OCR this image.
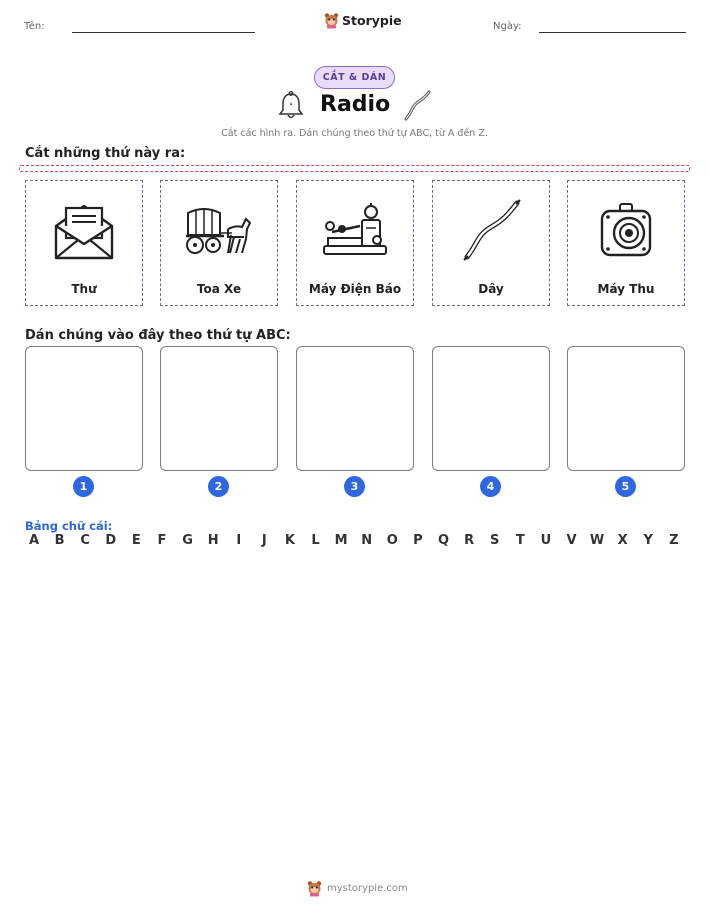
Tên:	Storypie	Ngày:
CẮT & DÁN
Radio
Cắt các hình ra. Dán chúng theo thứ tự ABC, từ A đến Z.
Cắt những thứ này ra:
Thư	Toa Xe	Máy Điện Báo	Dây	Máy Thu
Dán chúng vào đây theo thứ tự ABC:
1	2	3	4	5
Bảng chữ cái:
A	B	C	D	E	F	G	H	I	J	K	L	M	N	O	P	Q	R	S	T	U	V	W	X	Y	Z
mystorypie.com
